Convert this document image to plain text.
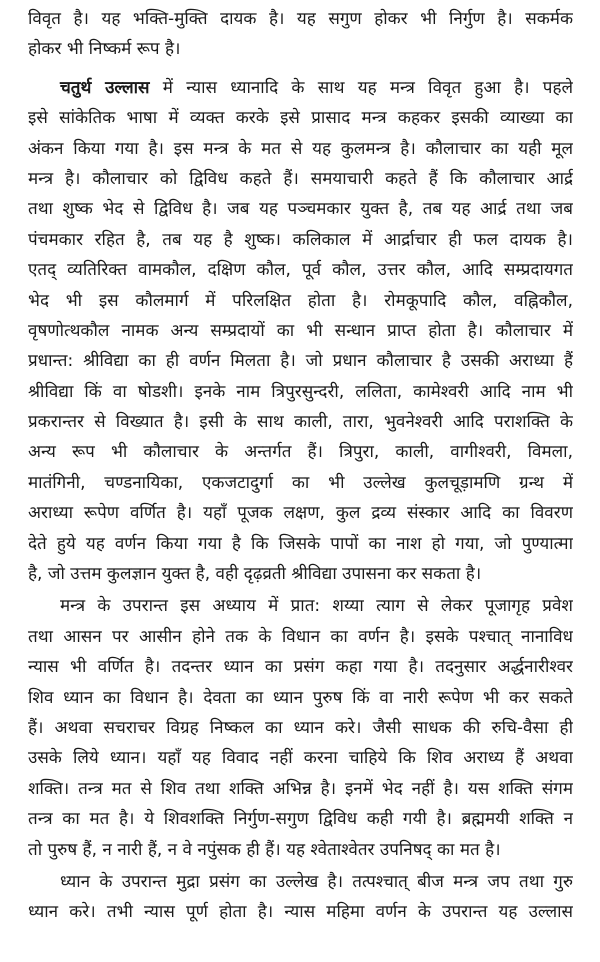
विवृत है। यह भक्ति-मुक्ति दायक है। यह सगुण होकर भी निर्गुण है। सकर्मक
होकर भी निष्कर्म रूप है।
चतुर्थ उल्लास में न्यास ध्यानादि के साथ यह मन्त्र विवृत हुआ है। पहले
इसे सांकेतिक भाषा में व्यक्त करके इसे प्रासाद मन्त्र कहकर इसकी व्याख्या का
अंकन किया गया है। इस मन्त्र के मत से यह कुलमन्त्र है। कौलाचार का यही मूल
मन्त्र है। कौलाचार को द्विविध कहते हैं। समयाचारी कहते हैं कि कौलाचार आर्द्र
तथा शुष्क भेद से द्विविध है। जब यह पञ्चमकार युक्त है, तब यह आर्द्र तथा जब
पंचमकार रहित है, तब यह है शुष्क। कलिकाल में आर्द्राचार ही फल दायक है।
एतद् व्यतिरिक्त वामकौल, दक्षिण कौल, पूर्व कौल, उत्तर कौल, आदि सम्प्रदायगत
भेद भी इस कौलमार्ग में परिलक्षित होता है। रोमकूपादि कौल, वह्निकौल,
वृषणोत्थकौल नामक अन्य सम्प्रदायों का भी सन्धान प्राप्त होता है। कौलाचार में
प्रधान्त: श्रीविद्या का ही वर्णन मिलता है। जो प्रधान कौलाचार है उसकी अराध्या हैं
श्रीविद्या किं वा षोडशी। इनके नाम त्रिपुरसुन्दरी, ललिता, कामेश्वरी आदि नाम भी
प्रकरान्तर से विख्यात है। इसी के साथ काली, तारा, भुवनेश्वरी आदि पराशक्ति के
अन्य रूप भी कौलाचार के अन्तर्गत हैं। त्रिपुरा, काली, वागीश्वरी, विमला,
मातंगिनी, चण्डनायिका, एकजटादुर्गा का भी उल्लेख कुलचूड़ामणि ग्रन्थ में
अराध्या रूपेण वर्णित है। यहाँ पूजक लक्षण, कुल द्रव्य संस्कार आदि का विवरण
देते हुये यह वर्णन किया गया है कि जिसके पापों का नाश हो गया, जो पुण्यात्मा
है, जो उत्तम कुलज्ञान युक्त है, वही दृढ़व्रती श्रीविद्या उपासना कर सकता है।
मन्त्र के उपरान्त इस अध्याय में प्रात: शय्या त्याग से लेकर पूजागृह प्रवेश
तथा आसन पर आसीन होने तक के विधान का वर्णन है। इसके पश्चात् नानाविध
न्यास भी वर्णित है। तदन्तर ध्यान का प्रसंग कहा गया है। तदनुसार अर्द्धनारीश्वर
शिव ध्यान का विधान है। देवता का ध्यान पुरुष किं वा नारी रूपेण भी कर सकते
हैं। अथवा सचराचर विग्रह निष्कल का ध्यान करे। जैसी साधक की रुचि-वैसा ही
उसके लिये ध्यान। यहाँ यह विवाद नहीं करना चाहिये कि शिव अराध्य हैं अथवा
शक्ति। तन्त्र मत से शिव तथा शक्ति अभिन्न है। इनमें भेद नहीं है। यस शक्ति संगम
तन्त्र का मत है। ये शिवशक्ति निर्गुण-सगुण द्विविध कही गयी है। ब्रह्ममयी शक्ति न
तो पुरुष हैं, न नारी हैं, न वे नपुंसक ही हैं। यह श्वेताश्वेतर उपनिषद् का मत है।
ध्यान के उपरान्त मुद्रा प्रसंग का उल्लेख है। तत्पश्चात् बीज मन्त्र जप तथा गुरु
ध्यान करे। तभी न्यास पूर्ण होता है। न्यास महिमा वर्णन के उपरान्त यह उल्लास
